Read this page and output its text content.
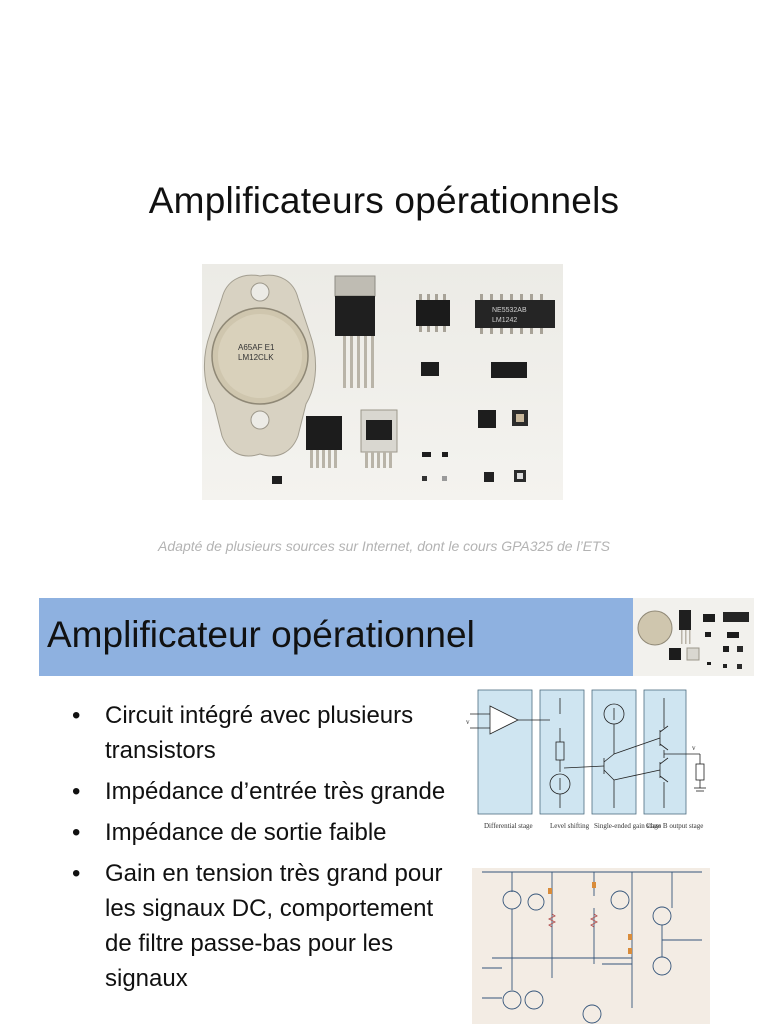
Amplificateurs opérationnels
A65AF E1
LM12CLK
NE5532AB
LM1242
Adapté de plusieurs sources sur Internet, dont le cours GPA325 de l’ETS
Amplificateur opérationnel
• Circuit intégré avec plusieurs transistors
• Impédance d’entrée très grande
• Impédance de sortie faible
• Gain en tension très grand pour les signaux DC, comportement de filtre passe-bas pour les signaux
Differential stage Level shifting Single-ended gain stage
Class B output stage
v
v
